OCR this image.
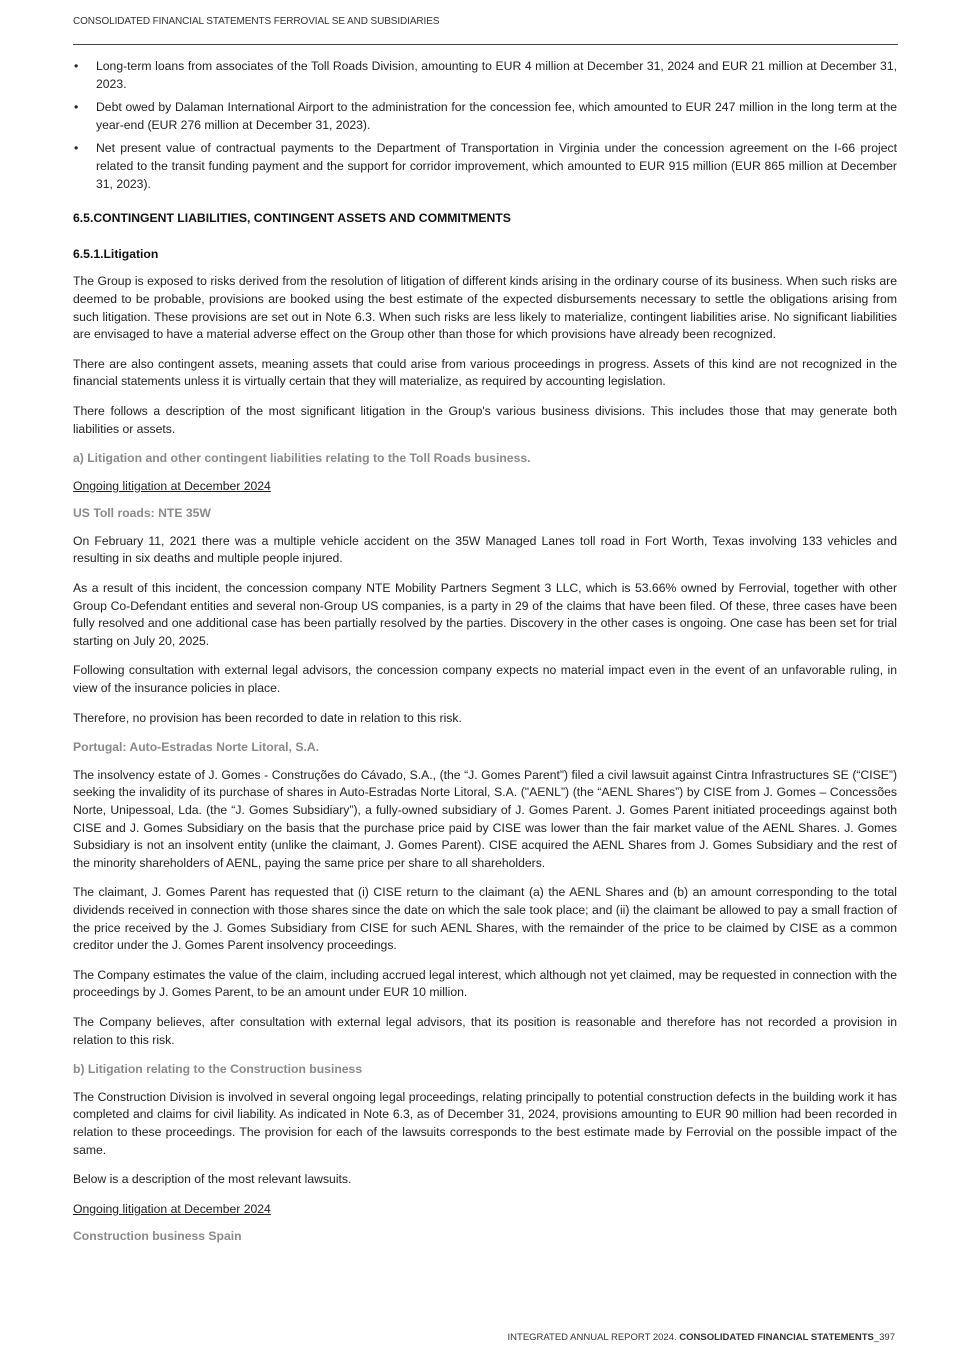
CONSOLIDATED FINANCIAL STATEMENTS FERROVIAL SE AND SUBSIDIARIES
• Long-term loans from associates of the Toll Roads Division, amounting to EUR 4 million at December 31, 2024 and EUR 21 million at December 31, 2023.
• Debt owed by Dalaman International Airport to the administration for the concession fee, which amounted to EUR 247 million in the long term at the year-end (EUR 276 million at December 31, 2023).
• Net present value of contractual payments to the Department of Transportation in Virginia under the concession agreement on the I-66 project related to the transit funding payment and the support for corridor improvement, which amounted to EUR 915 million (EUR 865 million at December 31, 2023).
6.5.CONTINGENT LIABILITIES, CONTINGENT ASSETS AND COMMITMENTS
6.5.1.Litigation

The Group is exposed to risks derived from the resolution of litigation of different kinds arising in the ordinary course of its business. When such risks are deemed to be probable, provisions are booked using the best estimate of the expected disbursements necessary to settle the obligations arising from such litigation. These provisions are set out in Note 6.3. When such risks are less likely to materialize, contingent liabilities arise. No significant liabilities are envisaged to have a material adverse effect on the Group other than those for which provisions have already been recognized.

There are also contingent assets, meaning assets that could arise from various proceedings in progress. Assets of this kind are not recognized in the financial statements unless it is virtually certain that they will materialize, as required by accounting legislation.

There follows a description of the most significant litigation in the Group's various business divisions. This includes those that may generate both liabilities or assets.

a) Litigation and other contingent liabilities relating to the Toll Roads business.
Ongoing litigation at December 2024
US Toll roads: NTE 35W

On February 11, 2021 there was a multiple vehicle accident on the 35W Managed Lanes toll road in Fort Worth, Texas involving 133 vehicles and resulting in six deaths and multiple people injured.

As a result of this incident, the concession company NTE Mobility Partners Segment 3 LLC, which is 53.66% owned by Ferrovial, together with other Group Co-Defendant entities and several non-Group US companies, is a party in 29 of the claims that have been filed. Of these, three cases have been fully resolved and one additional case has been partially resolved by the parties. Discovery in the other cases is ongoing. One case has been set for trial starting on July 20, 2025.

Following consultation with external legal advisors, the concession company expects no material impact even in the event of an unfavorable ruling, in view of the insurance policies in place.

Therefore, no provision has been recorded to date in relation to this risk.

Portugal: Auto-Estradas Norte Litoral, S.A.

The insolvency estate of J. Gomes - Construções do Cávado, S.A., (the “J. Gomes Parent”) filed a civil lawsuit against Cintra Infrastructures SE (“CISE”) seeking the invalidity of its purchase of shares in Auto-Estradas Norte Litoral, S.A. ("AENL”) (the “AENL Shares”) by CISE from J. Gomes – Concessões Norte, Unipessoal, Lda. (the “J. Gomes Subsidiary”), a fully-owned subsidiary of J. Gomes Parent. J. Gomes Parent initiated proceedings against both CISE and J. Gomes Subsidiary on the basis that the purchase price paid by CISE was lower than the fair market value of the AENL Shares. J. Gomes Subsidiary is not an insolvent entity (unlike the claimant, J. Gomes Parent). CISE acquired the AENL Shares from J. Gomes Subsidiary and the rest of the minority shareholders of AENL, paying the same price per share to all shareholders.

The claimant, J. Gomes Parent has requested that (i) CISE return to the claimant (a) the AENL Shares and (b) an amount corresponding to the total dividends received in connection with those shares since the date on which the sale took place; and (ii) the claimant be allowed to pay a small fraction of the price received by the J. Gomes Subsidiary from CISE for such AENL Shares, with the remainder of the price to be claimed by CISE as a common creditor under the J. Gomes Parent insolvency proceedings.

The Company estimates the value of the claim, including accrued legal interest, which although not yet claimed, may be requested in connection with the proceedings by J. Gomes Parent, to be an amount under EUR 10 million.

The Company believes, after consultation with external legal advisors, that its position is reasonable and therefore has not recorded a provision in relation to this risk.

b) Litigation relating to the Construction business

The Construction Division is involved in several ongoing legal proceedings, relating principally to potential construction defects in the building work it has completed and claims for civil liability. As indicated in Note 6.3, as of December 31, 2024, provisions amounting to EUR 90 million had been recorded in relation to these proceedings. The provision for each of the lawsuits corresponds to the best estimate made by Ferrovial on the possible impact of the same.

Below is a description of the most relevant lawsuits.

Ongoing litigation at December 2024
Construction business Spain
INTEGRATED ANNUAL REPORT 2024. CONSOLIDATED FINANCIAL STATEMENTS_397
